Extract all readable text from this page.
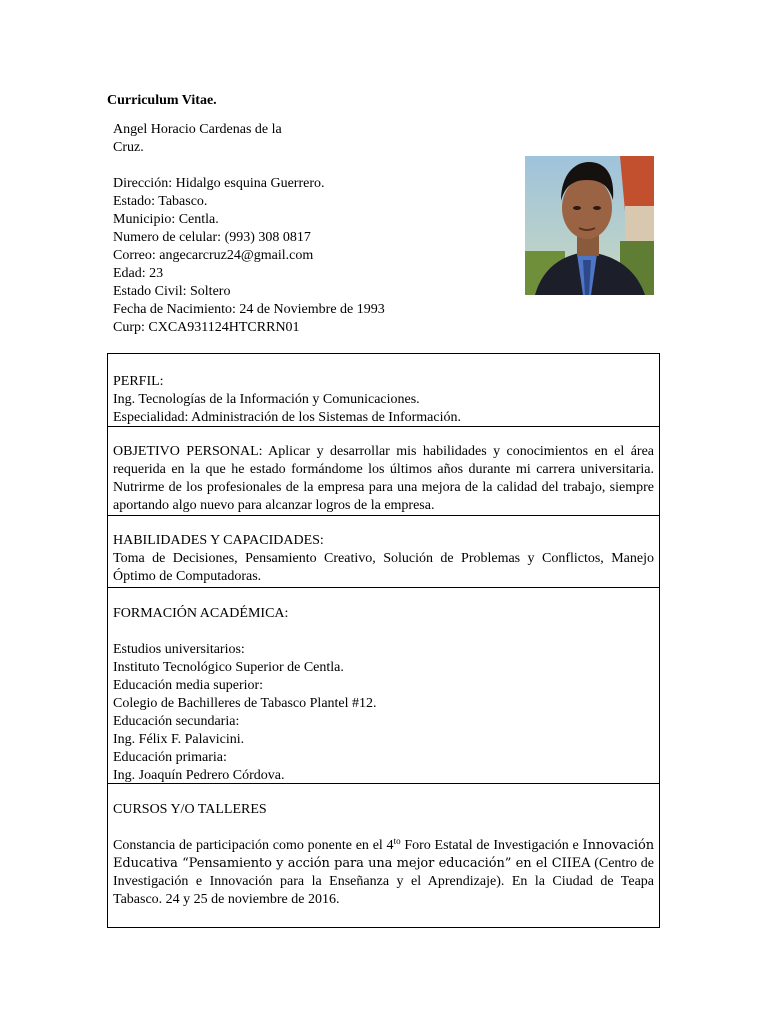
Curriculum Vitae.

Angel Horacio Cardenas de la

Cruz.

Dirección: Hidalgo esquina Guerrero.

Estado: Tabasco.

Municipio: Centla.

Numero de celular: (993) 308 0817

Correo: angecarcruz24@gmail.com

Edad: 23

Estado Civil: Soltero

Fecha de Nacimiento: 24 de Noviembre de 1993

Curp: CXCA931124HTCRRN01

PERFIL:

Ing. Tecnologías de la Información y Comunicaciones.

Especialidad: Administración de los Sistemas de Información.

OBJETIVO PERSONAL: Aplicar y desarrollar mis habilidades y conocimientos en el área requerida en la que he estado formándome los últimos años durante mi carrera universitaria. Nutrirme de los profesionales de la empresa para una mejora de la calidad del trabajo, siempre aportando algo nuevo para alcanzar logros de la empresa.

HABILIDADES Y CAPACIDADES:

Toma de Decisiones, Pensamiento Creativo, Solución de Problemas y Conflictos, Manejo Óptimo de Computadoras.

FORMACIÓN ACADÉMICA:

Estudios universitarios:

Instituto Tecnológico Superior de Centla.

Educación media superior:

Colegio de Bachilleres de Tabasco Plantel #12.

Educación secundaria:

Ing. Félix F. Palavicini.

Educación primaria:

Ing. Joaquín Pedrero Córdova.

CURSOS Y/O TALLERES

Constancia de participación como ponente en el $4^{to}$ Foro Estatal de Investigación e Innovación Educativa “Pensamiento y acción para una mejor educación” en el CIIEA (Centro de Investigación e Innovación para la Enseñanza y el Aprendizaje). En la Ciudad de Teapa Tabasco. 24 y 25 de noviembre de 2016.
